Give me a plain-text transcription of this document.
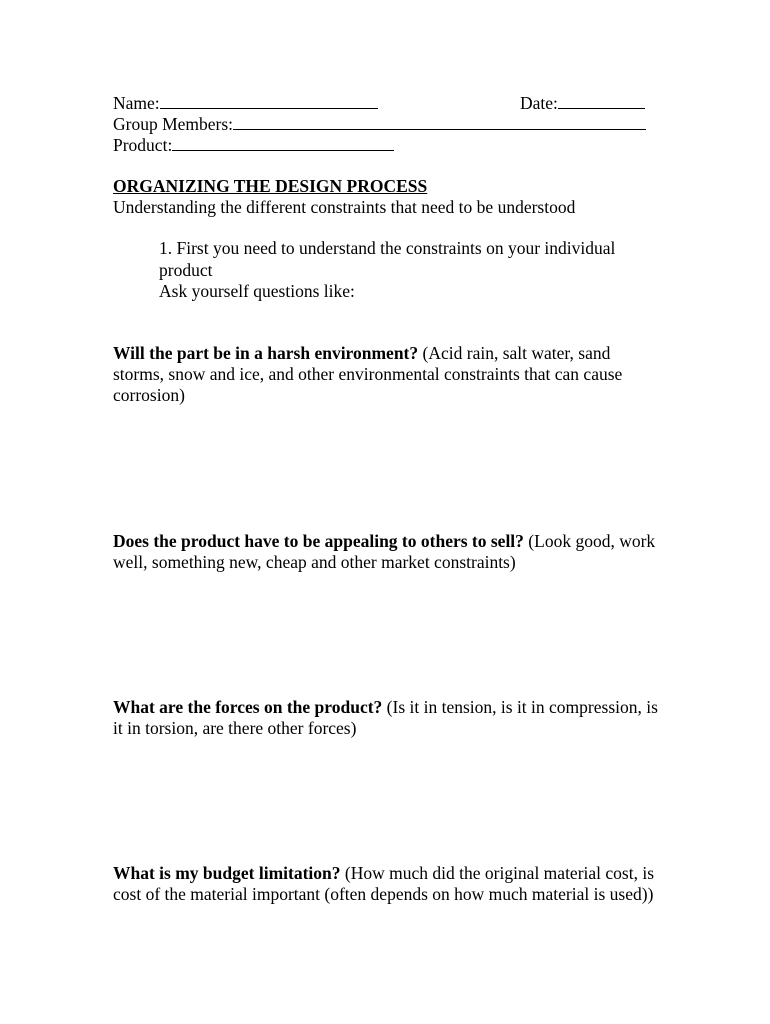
Name:	Date:
Group Members:
Product:
ORGANIZING THE DESIGN PROCESS
Understanding the different constraints that need to be understood
1. First you need to understand the constraints on your individual
product
Ask yourself questions like:
Will the part be in a harsh environment? (Acid rain, salt water, sand storms, snow and ice, and other environmental constraints that can cause corrosion)
Does the product have to be appealing to others to sell? (Look good, work well, something new, cheap and other market constraints)
What are the forces on the product? (Is it in tension, is it in compression, is it in torsion, are there other forces)
What is my budget limitation? (How much did the original material cost, is cost of the material important (often depends on how much material is used))
